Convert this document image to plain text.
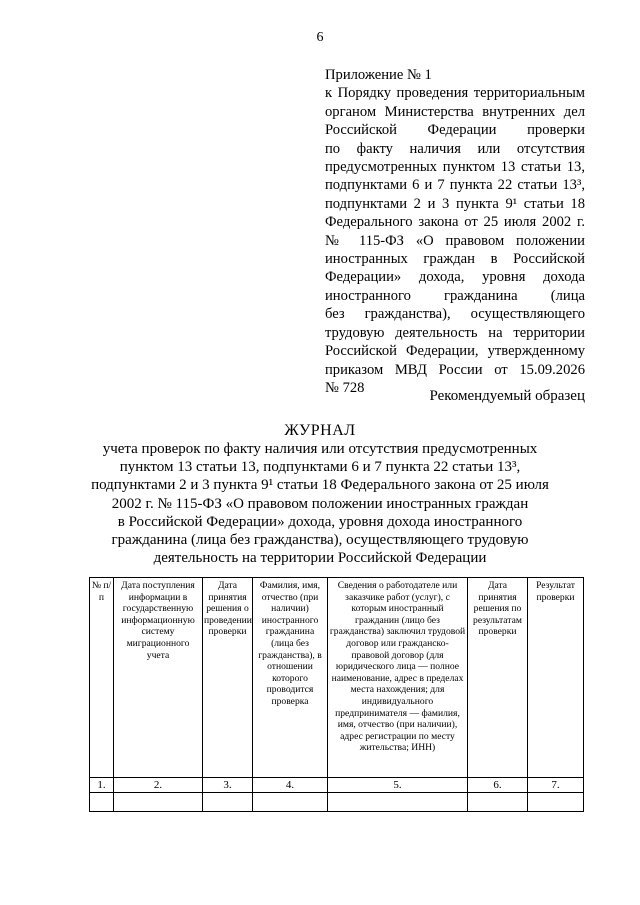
6
Приложение № 1
к Порядку проведения территориальным
органом Министерства внутренних дел
Российской Федерации проверки
по факту наличия или отсутствия
предусмотренных пунктом 13 статьи 13,
подпунктами 6 и 7 пункта 22 статьи 13³,
подпунктами 2 и 3 пункта 9¹ статьи 18
Федерального закона от 25 июля 2002 г.
№ 115-ФЗ «О правовом положении
иностранных граждан в Российской
Федерации» дохода, уровня дохода
иностранного гражданина (лица
без гражданства), осуществляющего
трудовую деятельность на территории
Российской Федерации, утвержденному
приказом МВД России от 15.09.2026
№ 728
Рекомендуемый образец
ЖУРНАЛ
учета проверок по факту наличия или отсутствия предусмотренных
пунктом 13 статьи 13, подпунктами 6 и 7 пункта 22 статьи 13³,
подпунктами 2 и 3 пункта 9¹ статьи 18 Федерального закона от 25 июля
2002 г. № 115-ФЗ «О правовом положении иностранных граждан
в Российской Федерации» дохода, уровня дохода иностранного
гражданина (лица без гражданства), осуществляющего трудовую
деятельность на территории Российской Федерации
№ п/п	Дата поступления информации в государственную информационную систему миграционного учета	Дата принятия решения о проведении проверки	Фамилия, имя, отчество (при наличии) иностранного гражданина (лица без гражданства), в отношении которого проводится проверка	Сведения о работодателе или заказчике работ (услуг), с которым иностранный гражданин (лицо без гражданства) заключил трудовой договор или гражданско-правовой договор (для юридического лица — полное наименование, адрес в пределах места нахождения; для индивидуального предпринимателя — фамилия, имя, отчество (при наличии), адрес регистрации по месту жительства; ИНН)	Дата принятия решения по результатам проверки	Результат проверки
1.	2.	3.	4.	5.	6.	7.
